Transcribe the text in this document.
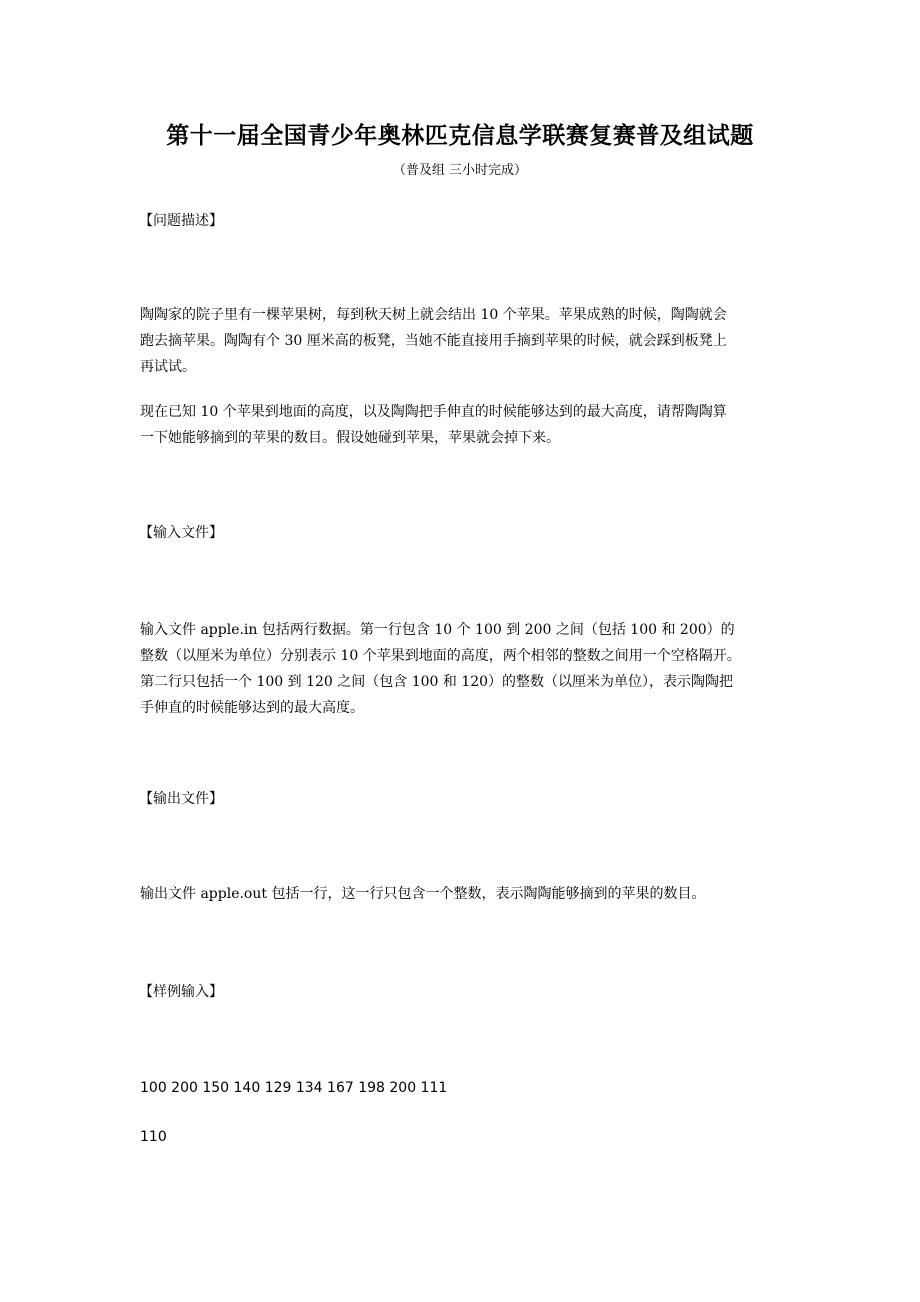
第十一届全国青少年奥林匹克信息学联赛复赛普及组试题
（普及组 三小时完成）
【问题描述】
陶陶家的院子里有一棵苹果树，每到秋天树上就会结出 10 个苹果。苹果成熟的时候，陶陶就会
跑去摘苹果。陶陶有个 30 厘米高的板凳，当她不能直接用手摘到苹果的时候，就会踩到板凳上
再试试。
现在已知 10 个苹果到地面的高度，以及陶陶把手伸直的时候能够达到的最大高度，请帮陶陶算
一下她能够摘到的苹果的数目。假设她碰到苹果，苹果就会掉下来。
【输入文件】
输入文件 apple.in 包括两行数据。第一行包含 10 个 100 到 200 之间（包括 100 和 200）的
整数（以厘米为单位）分别表示 10 个苹果到地面的高度，两个相邻的整数之间用一个空格隔开。
第二行只包括一个 100 到 120 之间（包含 100 和 120）的整数（以厘米为单位），表示陶陶把
手伸直的时候能够达到的最大高度。
【输出文件】
输出文件 apple.out 包括一行，这一行只包含一个整数，表示陶陶能够摘到的苹果的数目。
【样例输入】
100 200 150 140 129 134 167 198 200 111
110
